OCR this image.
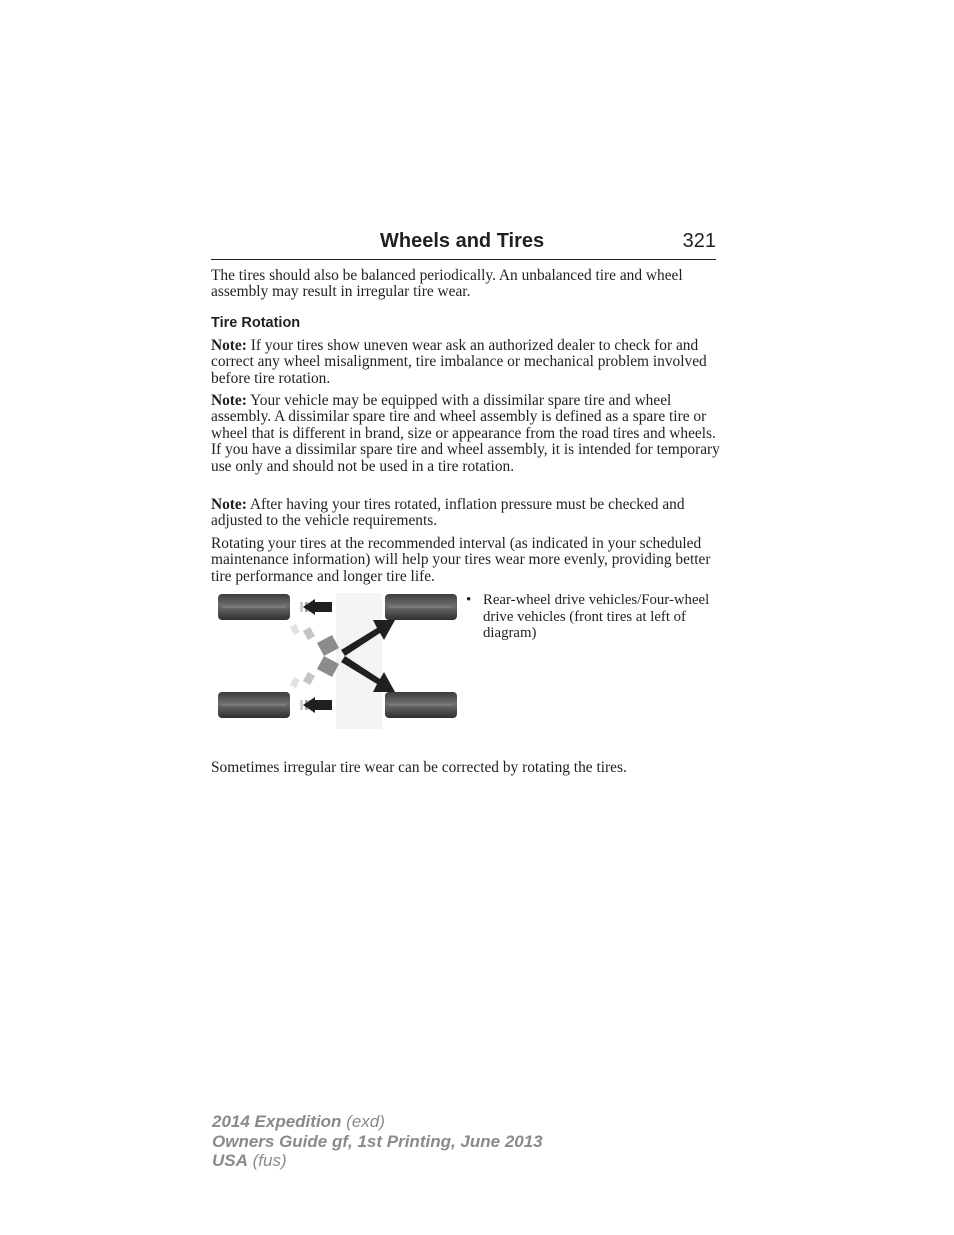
Wheels and Tires	321

The tires should also be balanced periodically. An unbalanced tire and wheel assembly may result in irregular tire wear.

Tire Rotation

Note: If your tires show uneven wear ask an authorized dealer to check for and correct any wheel misalignment, tire imbalance or mechanical problem involved before tire rotation.

Note: Your vehicle may be equipped with a dissimilar spare tire and wheel assembly. A dissimilar spare tire and wheel assembly is defined as a spare tire or wheel that is different in brand, size or appearance from the road tires and wheels. If you have a dissimilar spare tire and wheel assembly, it is intended for temporary use only and should not be used in a tire rotation.

Note: After having your tires rotated, inflation pressure must be checked and adjusted to the vehicle requirements.

Rotating your tires at the recommended interval (as indicated in your scheduled maintenance information) will help your tires wear more evenly, providing better tire performance and longer tire life.

• Rear-wheel drive vehicles/Four-wheel drive vehicles (front tires at left of diagram)

Sometimes irregular tire wear can be corrected by rotating the tires.

2014 Expedition (exd)
Owners Guide gf, 1st Printing, June 2013
USA (fus)
